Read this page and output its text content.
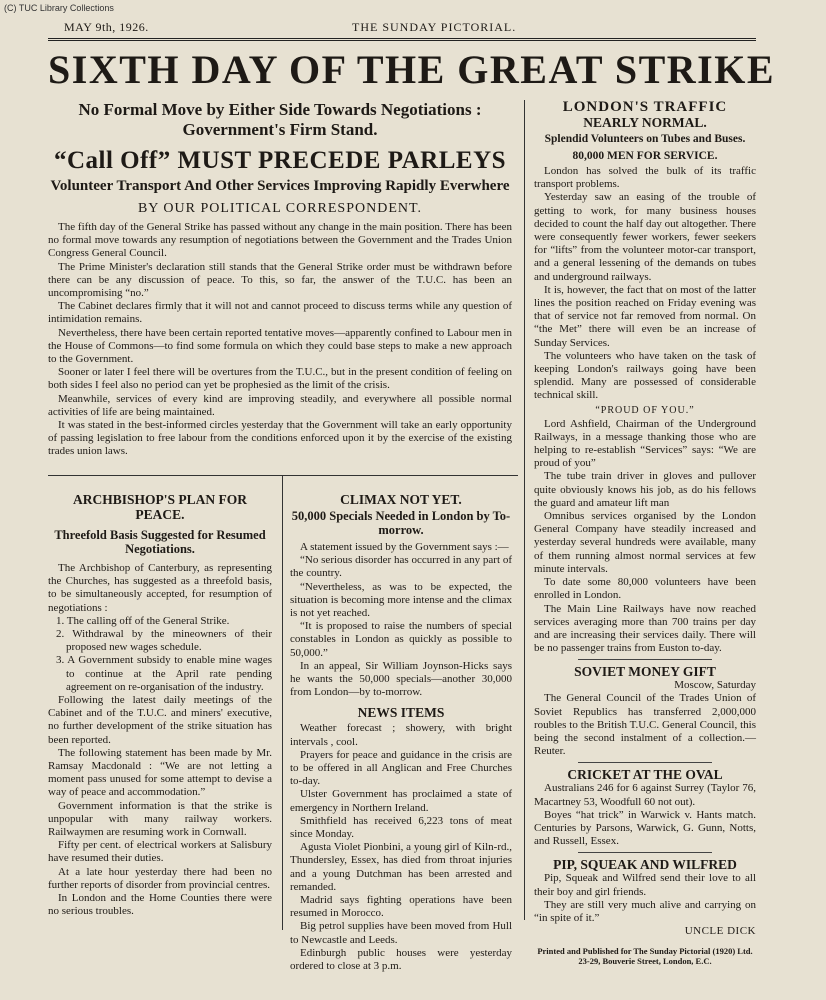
(C) TUC Library Collections
MAY 9th, 1926.	THE SUNDAY PICTORIAL.
SIXTH DAY OF THE GREAT STRIKE
No Formal Move by Either Side Towards Negotiations : Government's Firm Stand.
“Call Off” MUST PRECEDE PARLEYS
Volunteer Transport And Other Services Improving Rapidly Everwhere
BY OUR POLITICAL CORRESPONDENT.

The fifth day of the General Strike has passed without any change in the main position. There has been no formal move towards any resumption of negotiations between the Government and the Trades Union Congress General Council.

The Prime Minister's declaration still stands that the General Strike order must be withdrawn before there can be any discussion of peace. To this, so far, the answer of the T.U.C. has been an uncompromising “no.”

The Cabinet declares firmly that it will not and cannot proceed to discuss terms while any question of intimidation remains.

Nevertheless, there have been certain reported tentative moves—apparently confined to Labour men in the House of Commons—to find some formula on which they could base steps to make a new approach to the Government.

Sooner or later I feel there will be overtures from the T.U.C., but in the present condition of feeling on both sides I feel also no period can yet be prophesied as the limit of the crisis.

Meanwhile, services of every kind are improving steadily, and everywhere all possible normal activities of life are being maintained.

It was stated in the best-informed circles yesterday that the Government will take an early opportunity of passing legislation to free labour from the conditions enforced upon it by the exercise of the existing trades union laws.

ARCHBISHOP'S PLAN FOR PEACE.
Threefold Basis Suggested for Resumed Negotiations.

The Archbishop of Canterbury, as representing the Churches, has suggested as a threefold basis, to be simultaneously accepted, for resumption of negotiations :

1. The calling off of the General Strike.

2. Withdrawal by the mineowners of their proposed new wages schedule.

3. A Government subsidy to enable mine wages to continue at the April rate pending agreement on re-organisation of the industry.

Following the latest daily meetings of the Cabinet and of the T.U.C. and miners' executive, no further development of the strike situation has been reported.

The following statement has been made by Mr. Ramsay Macdonald : “We are not letting a moment pass unused for some attempt to devise a way of peace and accommodation.”

Government information is that the strike is unpopular with many railway workers. Railwaymen are resuming work in Cornwall.

Fifty per cent. of electrical workers at Salisbury have resumed their duties.

At a late hour yesterday there had been no further reports of disorder from provincial centres.

In London and the Home Counties there were no serious troubles.

CLIMAX NOT YET.
50,000 Specials Needed in London by To-morrow.

A statement issued by the Government says :—

“No serious disorder has occurred in any part of the country.

“Nevertheless, as was to be expected, the situation is becoming more intense and the climax is not yet reached.

“It is proposed to raise the numbers of special constables in London as quickly as possible to 50,000.”

In an appeal, Sir William Joynson-Hicks says he wants the 50,000 specials—another 30,000 from London—by to-morrow.

NEWS ITEMS

Weather forecast ; showery, with bright intervals , cool.

Prayers for peace and guidance in the crisis are to be offered in all Anglican and Free Churches to-day.

Ulster Government has proclaimed a state of emergency in Northern Ireland.

Smithfield has received 6,223 tons of meat since Monday.

Agusta Violet Pionbini, a young girl of Kiln-rd., Thundersley, Essex, has died from throat injuries and a young Dutchman has been arrested and remanded.

Madrid says fighting operations have been resumed in Morocco.

Big petrol supplies have been moved from Hull to Newcastle and Leeds.

Edinburgh public houses were yesterday ordered to close at 3 p.m.

LONDON'S TRAFFIC
NEARLY NORMAL.
Splendid Volunteers on Tubes and Buses.
80,000 MEN FOR SERVICE.

London has solved the bulk of its traffic transport problems.

Yesterday saw an easing of the trouble of getting to work, for many business houses decided to count the half day out altogether. There were consequently fewer workers, fewer seekers for “lifts” from the volunteer motor-car transport, and a general lessening of the demands on tubes and underground railways.

It is, however, the fact that on most of the latter lines the position reached on Friday evening was that of service not far removed from normal. On “the Met” there will even be an increase of Sunday Services.

The volunteers who have taken on the task of keeping London's railways going have been splendid. Many are possessed of considerable technical skill.

“PROUD OF YOU.”

Lord Ashfield, Chairman of the Underground Railways, in a message thanking those who are helping to re-establish “Services” says: “We are proud of you”

The tube train driver in gloves and pullover quite obviously knows his job, as do his fellows the guard and amateur lift man

Omnibus services organised by the London General Company have steadily increased and yesterday several hundreds were available, many of them running almost normal services at few minute intervals.

To date some 80,000 volunteers have been enrolled in London.

The Main Line Railways have now reached services averaging more than 700 trains per day and are increasing their services daily. There will be no passenger trains from Euston to-day.

SOVIET MONEY GIFT

Moscow, Saturday

The General Council of the Trades Union of Soviet Republics has transferred 2,000,000 roubles to the British T.U.C. General Council, this being the second instalment of a collection.—Reuter.

CRICKET AT THE OVAL

Australians 246 for 6 against Surrey (Taylor 76, Macartney 53, Woodfull 60 not out).

Boyes “hat trick” in Warwick v. Hants match. Centuries by Parsons, Warwick, G. Gunn, Notts, and Russell, Essex.

PIP, SQUEAK AND WILFRED

Pip, Squeak and Wilfred send their love to all their boy and girl friends.

They are still very much alive and carrying on “in spite of it.”

UNCLE DICK

Printed and Published for The Sunday Pictorial (1920) Ltd. 23-29, Bouverie Street, London, E.C.
